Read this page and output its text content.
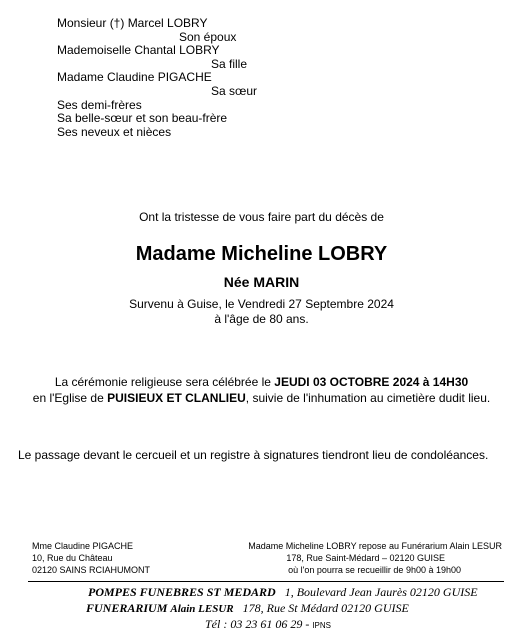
Monsieur (†) Marcel LOBRY
Son époux
Mademoiselle Chantal LOBRY
Sa fille
Madame Claudine PIGACHE
Sa sœur
Ses demi-frères
Sa belle-sœur et son beau-frère
Ses neveux et nièces
Ont la tristesse de vous faire part du décès de
Madame Micheline LOBRY
Née MARIN
Survenu à Guise, le Vendredi 27 Septembre 2024
à l'âge de 80 ans.
La cérémonie religieuse sera célébrée le JEUDI 03 OCTOBRE 2024 à 14H30
en l'Eglise de PUISIEUX ET CLANLIEU, suivie de l'inhumation au cimetière dudit lieu.
Le passage devant le cercueil et un registre à signatures tiendront lieu de condoléances.
Mme Claudine PIGACHE
10, Rue du Château
02120 SAINS RCIAHUMONT
Madame Micheline LOBRY repose au Funérarium Alain LESUR
178, Rue Saint-Médard – 02120 GUISE
où l'on pourra se recueillir de 9h00 à 19h00
POMPES FUNEBRES ST MEDARD 1, Boulevard Jean Jaurès 02120 GUISE
FUNERARIUM Alain LESUR 178, Rue St Médard 02120 GUISE
Tél : 03 23 61 06 29 - IPNS
